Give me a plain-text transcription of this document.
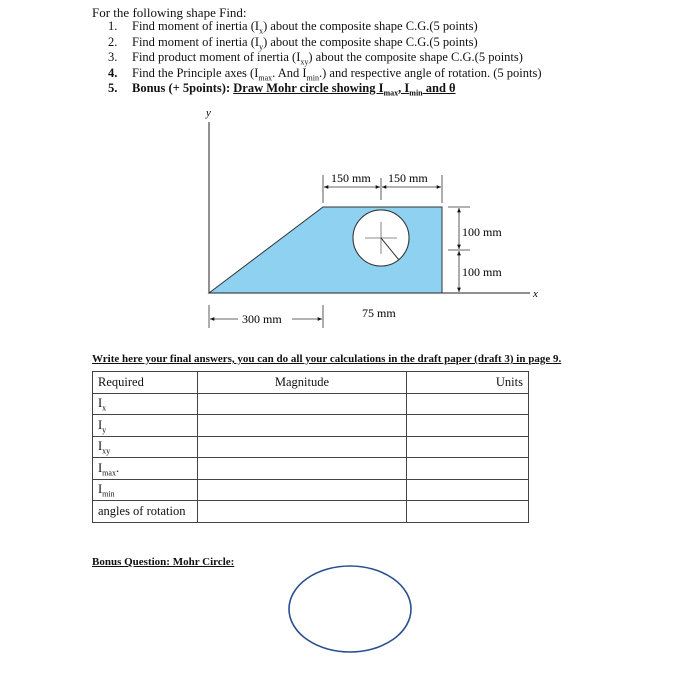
For the following shape Find:
1. Find moment of inertia $(I_x)$ about the composite shape C.G.(5 points)
2. Find moment of inertia $(I_y)$ about the composite shape C.G.(5 points)
3. Find product moment of inertia $(I_{xy})$ about the composite shape C.G.(5 points)
4. Find the Principle axes ($I_{max}$. And $I_{min}$.) and respective angle of rotation. (5 points)
5. Bonus (+ 5points): Draw Mohr circle showing $I_{max}$, $I_{min}$ and θ
y
x
150 mm 150 mm
100 mm
100 mm
300 mm	75 mm
Write here your final answers, you can do all your calculations in the draft paper (draft 3) in page 9.
Required	Magnitude	Units
$I_x$		
$I_y$		
$I_{xy}$		
$I_{max}$.		
$I_{min}$		
angles of rotation		
Bonus Question: Mohr Circle:
